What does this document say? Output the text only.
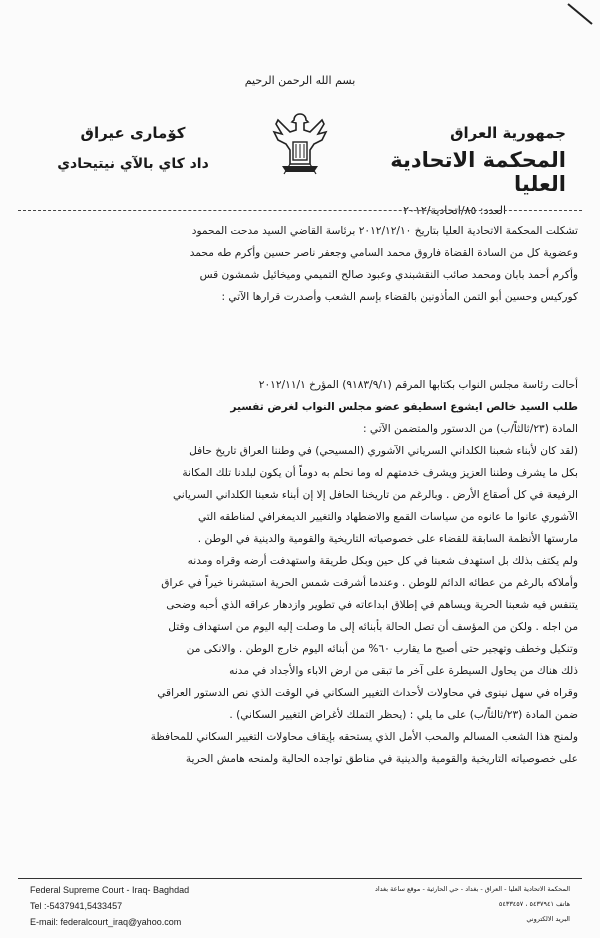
بسم الله الرحمن الرحيم
جمهورية العراق
المحكمة الاتحادية العليا
العدد: ٨٥/اتحادية/٢٠١٢
كوٚمارى عيراق
داد كاي بالآي نيتيحادي
تشكلت المحكمة الاتحادية العليا بتاريخ ٢٠١٢/١٢/١٠ برئاسة القاضي السيد مدحت المحمود
وعضوية كل من السادة القضاة فاروق محمد السامي وجعفر ناصر حسين وأكرم طه محمد
وأكرم أحمد بابان ومحمد صائب النقشبندي وعبود صالح التميمي وميخائيل شمشون قس
كوركيس وحسين أبو التمن المأذونين بالقضاء بإسم الشعب وأصدرت قرارها الآتي :
أحالت رئاسة مجلس النواب بكتابها المرقم (٩١٨٣/٩/١) المؤرخ ٢٠١٢/١١/١
طلب السيد خالص ايشوع اسطيفو عضو مجلس النواب لغرض تفسير
المادة (٢٣/ثالثاً/ب) من الدستور والمتضمن الآتي :
(لقد كان لأبناء شعبنا الكلداني السرياني الآشوري (المسيحي) في وطننا العراق تاريخ حافل
بكل ما يشرف وطننا العزيز ويشرف خدمتهم له وما نحلم به دوماً أن يكون لبلدنا تلك المكانة
الرفيعة في كل أصقاع الأرض . وبالرغم من تاريخنا الحافل إلا إن أبناء شعبنا الكلداني السرياني
الآشوري عانوا ما عانوه من سياسات القمع والاضطهاد والتغيير الديمغرافي لمناطقه التي
مارستها الأنظمة السابقة للقضاء على خصوصياته التاريخية والقومية والدينية في الوطن .
ولم يكتف بذلك بل استهدف شعبنا في كل حين وبكل طريقة واستهدفت أرضه وقراه ومدنه
وأملاكه بالرغم من عطائه الدائم للوطن . وعندما أشرقت شمس الحرية استبشرنا خيراً في عراق
يتنفس فيه شعبنا الحرية ويساهم في إطلاق ابداعاته في تطوير وازدهار عراقه الذي أحبه وضحى
من اجله . ولكن من المؤسف أن تصل الحالة بأبنائه إلى ما وصلت إليه اليوم من استهداف وقتل
وتنكيل وخطف وتهجير حتى أصبح ما يقارب ٦٠% من أبنائه اليوم خارج الوطن . والانكى من
ذلك هناك من يحاول السيطرة على آخر ما تبقى من ارض الاباء والأجداد في مدنه
وقراه في سهل نينوى في محاولات لأحداث التغيير السكاني في الوقت الذي نص الدستور العراقي
ضمن المادة (٢٣/ثالثاً/ب) على ما يلي : (يحظر التملك لأغراض التغيير السكاني) .
ولمنح هذا الشعب المسالم والمحب الأمل الذي يستحقه بإيقاف محاولات التغيير السكاني للمحافظة
على خصوصياته التاريخية والقومية والدينية في مناطق تواجده الحالية ولمنحه هامش الحرية
Federal Supreme Court - Iraq- Baghdad
Tel :-5437941,5433457
E-mail: federalcourt_iraq@yahoo.com
المحكمة الاتحادية العليا - العراق - بغداد - حي الحارثية - موقع ساعة بغداد
هاتف ٥٤٣٧٩٤١ ، ٥٤٣٣٤٥٧
البريد الالكتروني
